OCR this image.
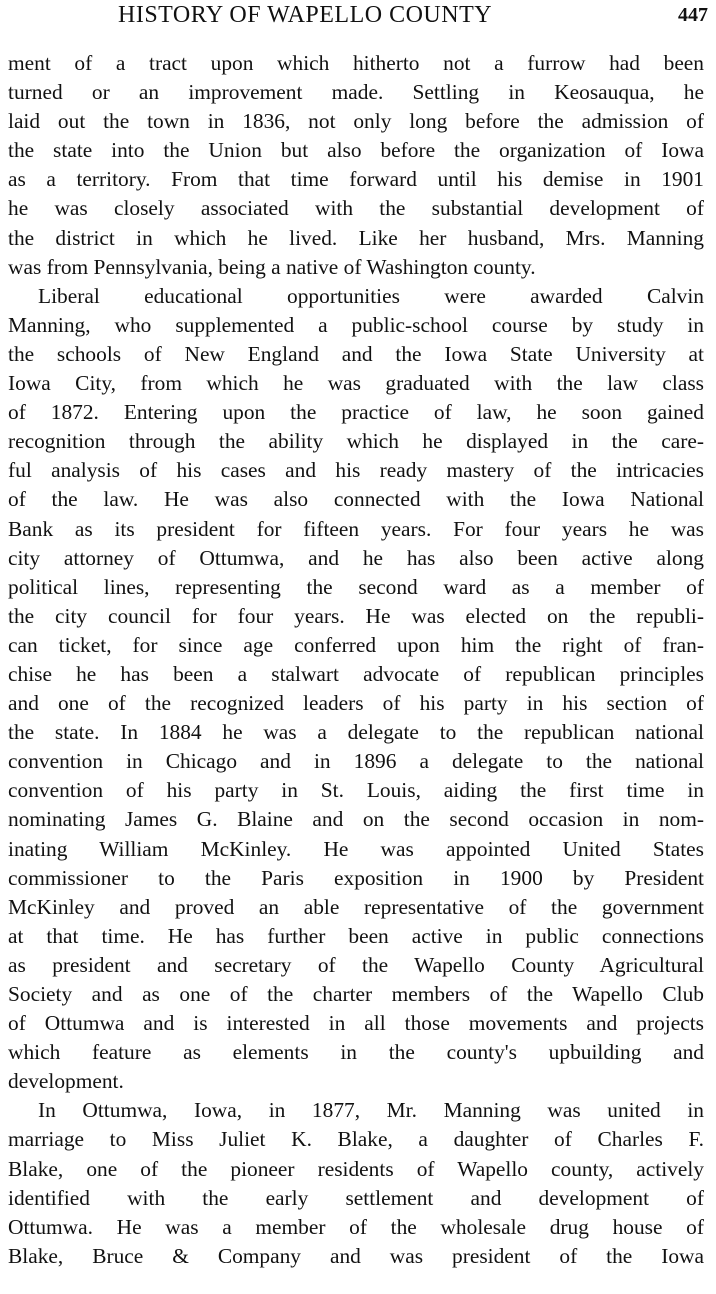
HISTORY OF WAPELLO COUNTY	447
ment of a tract upon which hitherto not a furrow had been
turned or an improvement made. Settling in Keosauqua, he
laid out the town in 1836, not only long before the admission of
the state into the Union but also before the organization of Iowa
as a territory. From that time forward until his demise in 1901
he was closely associated with the substantial development of
the district in which he lived. Like her husband, Mrs. Manning
was from Pennsylvania, being a native of Washington county.
Liberal educational opportunities were awarded Calvin
Manning, who supplemented a public-school course by study in
the schools of New England and the Iowa State University at
Iowa City, from which he was graduated with the law class
of 1872. Entering upon the practice of law, he soon gained
recognition through the ability which he displayed in the care-
ful analysis of his cases and his ready mastery of the intricacies
of the law. He was also connected with the Iowa National
Bank as its president for fifteen years. For four years he was
city attorney of Ottumwa, and he has also been active along
political lines, representing the second ward as a member of
the city council for four years. He was elected on the republi-
can ticket, for since age conferred upon him the right of fran-
chise he has been a stalwart advocate of republican principles
and one of the recognized leaders of his party in his section of
the state. In 1884 he was a delegate to the republican national
convention in Chicago and in 1896 a delegate to the national
convention of his party in St. Louis, aiding the first time in
nominating James G. Blaine and on the second occasion in nom-
inating William McKinley. He was appointed United States
commissioner to the Paris exposition in 1900 by President
McKinley and proved an able representative of the government
at that time. He has further been active in public connections
as president and secretary of the Wapello County Agricultural
Society and as one of the charter members of the Wapello Club
of Ottumwa and is interested in all those movements and projects
which feature as elements in the county's upbuilding and
development.
In Ottumwa, Iowa, in 1877, Mr. Manning was united in
marriage to Miss Juliet K. Blake, a daughter of Charles F.
Blake, one of the pioneer residents of Wapello county, actively
identified with the early settlement and development of
Ottumwa. He was a member of the wholesale drug house of
Blake, Bruce & Company and was president of the Iowa
